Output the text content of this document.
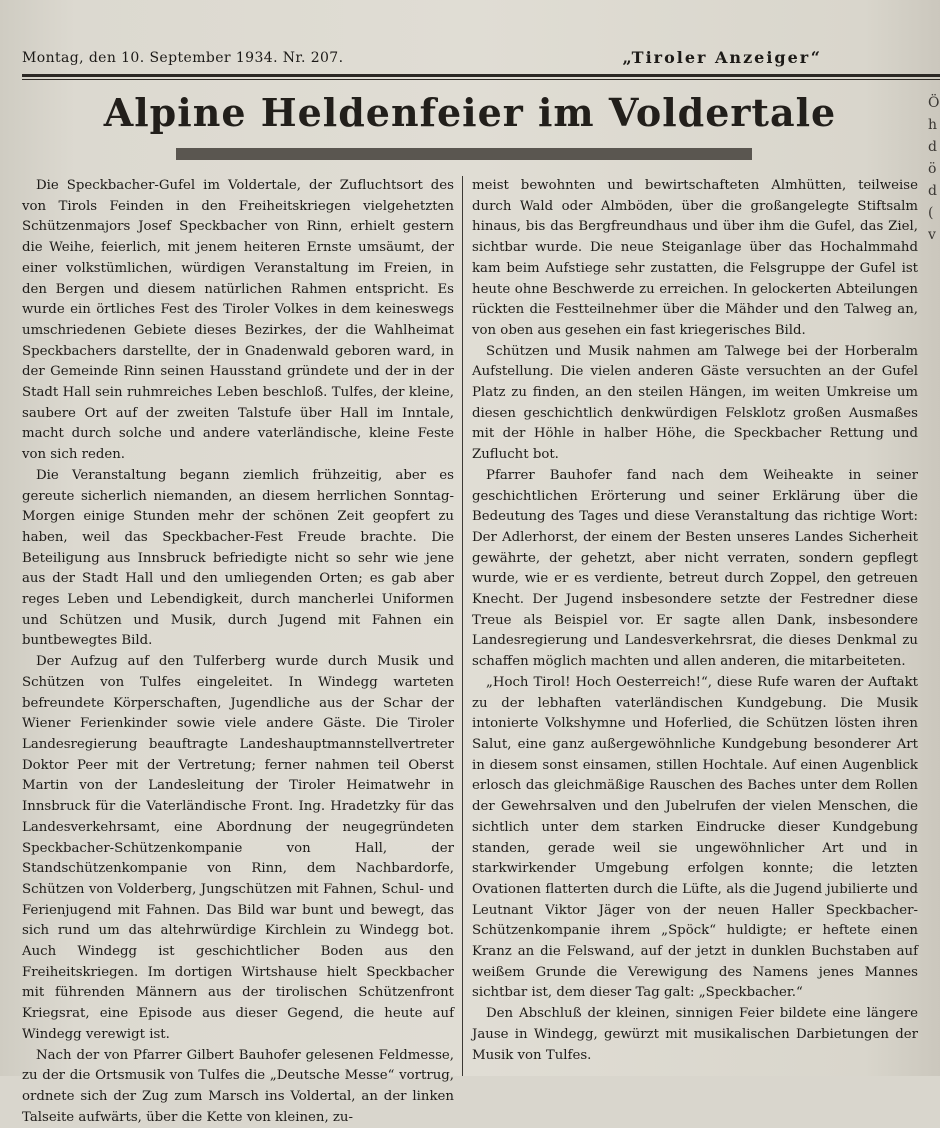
Montag, den 10. September 1934. Nr. 207.	„Tiroler Anzeiger“
Alpine Heldenfeier im Voldertale

Die Speckbacher-Gufel im Voldertale, der Zufluchtsort des von Tirols Feinden in den Freiheitskriegen vielgehetzten Schützenmajors Josef Speckbacher von Rinn, erhielt gestern die Weihe, feierlich, mit jenem heiteren Ernste umsäumt, der einer volkstümlichen, würdigen Veranstaltung im Freien, in den Bergen und diesem natürlichen Rahmen entspricht. Es wurde ein örtliches Fest des Tiroler Volkes in dem keineswegs umschriedenen Gebiete dieses Bezirkes, der die Wahlheimat Speckbachers darstellte, der in Gnadenwald geboren ward, in der Gemeinde Rinn seinen Hausstand gründete und der in der Stadt Hall sein ruhmreiches Leben beschloß. Tulfes, der kleine, saubere Ort auf der zweiten Talstufe über Hall im Inntale, macht durch solche und andere vaterländische, kleine Feste von sich reden.

Die Veranstaltung begann ziemlich frühzeitig, aber es gereute sicherlich niemanden, an diesem herrlichen Sonntag-Morgen einige Stunden mehr der schönen Zeit geopfert zu haben, weil das Speckbacher-Fest Freude brachte. Die Beteiligung aus Innsbruck befriedigte nicht so sehr wie jene aus der Stadt Hall und den umliegenden Orten; es gab aber reges Leben und Lebendigkeit, durch mancherlei Uniformen und Schützen und Musik, durch Jugend mit Fahnen ein buntbewegtes Bild.

Der Aufzug auf den Tulferberg wurde durch Musik und Schützen von Tulfes eingeleitet. In Windegg warteten befreundete Körperschaften, Jugendliche aus der Schar der Wiener Ferienkinder sowie viele andere Gäste. Die Tiroler Landesregierung beauftragte Landeshauptmannstellvertreter Doktor Peer mit der Vertretung; ferner nahmen teil Oberst Martin von der Landesleitung der Tiroler Heimatwehr in Innsbruck für die Vaterländische Front. Ing. Hradetzky für das Landesverkehrsamt, eine Abordnung der neugegründeten Speckbacher-Schützenkompanie von Hall, der Standschützenkompanie von Rinn, dem Nachbardorfe, Schützen von Volderberg, Jungschützen mit Fahnen, Schul- und Ferienjugend mit Fahnen. Das Bild war bunt und bewegt, das sich rund um das altehrwürdige Kirchlein zu Windegg bot. Auch Windegg ist geschichtlicher Boden aus den Freiheitskriegen. Im dortigen Wirtshause hielt Speckbacher mit führenden Männern aus der tirolischen Schützenfront Kriegsrat, eine Episode aus dieser Gegend, die heute auf Windegg verewigt ist.

Nach der von Pfarrer Gilbert Bauhofer gelesenen Feldmesse, zu der die Ortsmusik von Tulfes die „Deutsche Messe“ vortrug, ordnete sich der Zug zum Marsch ins Voldertal, an der linken Talseite aufwärts, über die Kette von kleinen, zu-

meist bewohnten und bewirtschafteten Almhütten, teilweise durch Wald oder Almböden, über die großangelegte Stiftsalm hinaus, bis das Bergfreundhaus und über ihm die Gufel, das Ziel, sichtbar wurde. Die neue Steiganlage über das Hochalmmahd kam beim Aufstiege sehr zustatten, die Felsgruppe der Gufel ist heute ohne Beschwerde zu erreichen. In gelockerten Abteilungen rückten die Festteilnehmer über die Mähder und den Talweg an, von oben aus gesehen ein fast kriegerisches Bild.

Schützen und Musik nahmen am Talwege bei der Horberalm Aufstellung. Die vielen anderen Gäste versuchten an der Gufel Platz zu finden, an den steilen Hängen, im weiten Umkreise um diesen geschichtlich denkwürdigen Felsklotz großen Ausmaßes mit der Höhle in halber Höhe, die Speckbacher Rettung und Zuflucht bot.

Pfarrer Bauhofer fand nach dem Weiheakte in seiner geschichtlichen Erörterung und seiner Erklärung über die Bedeutung des Tages und diese Veranstaltung das richtige Wort: Der Adlerhorst, der einem der Besten unseres Landes Sicherheit gewährte, der gehetzt, aber nicht verraten, sondern gepflegt wurde, wie er es verdiente, betreut durch Zoppel, den getreuen Knecht. Der Jugend insbesondere setzte der Festredner diese Treue als Beispiel vor. Er sagte allen Dank, insbesondere Landesregierung und Landesverkehrsrat, die dieses Denkmal zu schaffen möglich machten und allen anderen, die mitarbeiteten.

„Hoch Tirol! Hoch Oesterreich!“, diese Rufe waren der Auftakt zu der lebhaften vaterländischen Kundgebung. Die Musik intonierte Volkshymne und Hoferlied, die Schützen lösten ihren Salut, eine ganz außergewöhnliche Kundgebung besonderer Art in diesem sonst einsamen, stillen Hochtale. Auf einen Augenblick erlosch das gleichmäßige Rauschen des Baches unter dem Rollen der Gewehrsalven und den Jubelrufen der vielen Menschen, die sichtlich unter dem starken Eindrucke dieser Kundgebung standen, gerade weil sie ungewöhnlicher Art und in starkwirkender Umgebung erfolgen konnte; die letzten Ovationen flatterten durch die Lüfte, als die Jugend jubilierte und Leutnant Viktor Jäger von der neuen Haller Speckbacher-Schützenkompanie ihrem „Spöck“ huldigte; er heftete einen Kranz an die Felswand, auf der jetzt in dunklen Buchstaben auf weißem Grunde die Verewigung des Namens jenes Mannes sichtbar ist, dem dieser Tag galt: „Speckbacher.“

Den Abschluß der kleinen, sinnigen Feier bildete eine längere Jause in Windegg, gewürzt mit musikalischen Darbietungen der Musik von Tulfes.

Ö
h
d
ö
d
(
v
